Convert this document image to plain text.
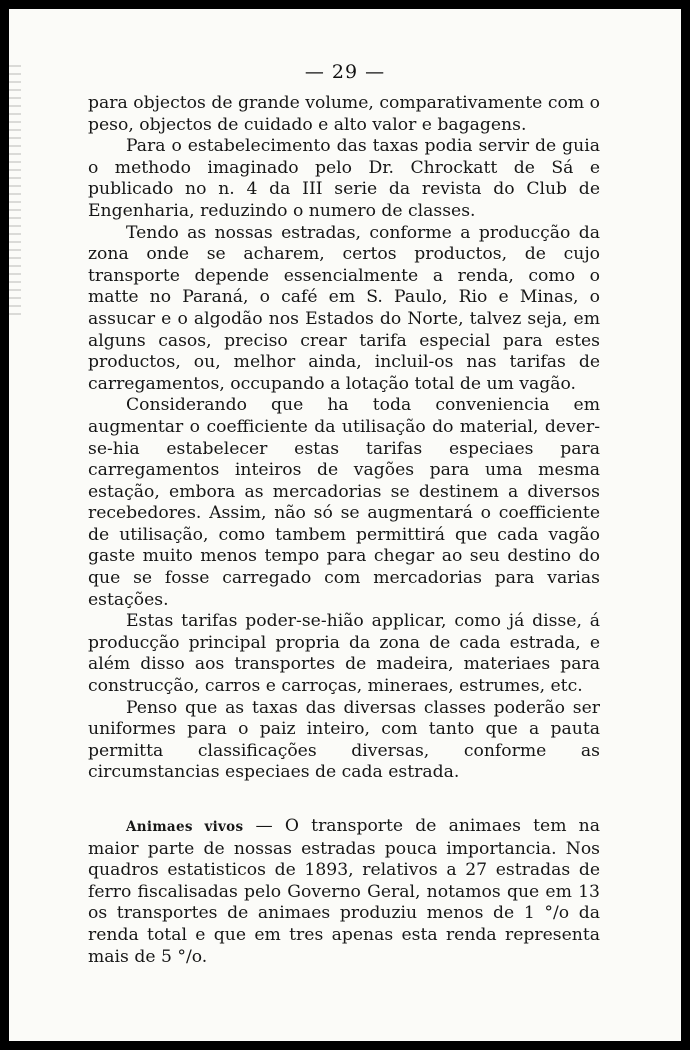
— 29 —

para objectos de grande volume, comparativamente com o peso, objectos de cuidado e alto valor e bagagens.

Para o estabelecimento das taxas podia servir de guia o methodo imaginado pelo Dr. Chrockatt de Sá e publicado no n. 4 da III serie da revista do Club de Engenharia, reduzindo o numero de classes.

Tendo as nossas estradas, conforme a producção da zona onde se acharem, certos productos, de cujo transporte depende essencialmente a renda, como o matte no Paraná, o café em S. Paulo, Rio e Minas, o assucar e o algodão nos Estados do Norte, talvez seja, em alguns casos, preciso crear tarifa especial para estes productos, ou, melhor ainda, incluil-os nas tarifas de carregamentos, occupando a lotação total de um vagão.

Considerando que ha toda conveniencia em augmentar o coefficiente da utilisação do material, dever-se-hia estabelecer estas tarifas especiaes para carregamentos inteiros de vagões para uma mesma estação, embora as mercadorias se destinem a diversos recebedores. Assim, não só se augmentará o coefficiente de utilisação, como tambem permittirá que cada vagão gaste muito menos tempo para chegar ao seu destino do que se fosse carregado com mercadorias para varias estações.

Estas tarifas poder-se-hião applicar, como já disse, á producção principal propria da zona de cada estrada, e além disso aos transportes de madeira, materiaes para construcção, carros e carroças, mineraes, estrumes, etc.

Penso que as taxas das diversas classes poderão ser uniformes para o paiz inteiro, com tanto que a pauta permitta classificações diversas, conforme as circumstancias especiaes de cada estrada.

Animaes vivos — O transporte de animaes tem na maior parte de nossas estradas pouca importancia. Nos quadros estatisticos de 1893, relativos a 27 estradas de ferro fiscalisadas pelo Governo Geral, notamos que em 13 os transportes de animaes produziu menos de 1 °/o da renda total e que em tres apenas esta renda representa mais de 5 °/o.
